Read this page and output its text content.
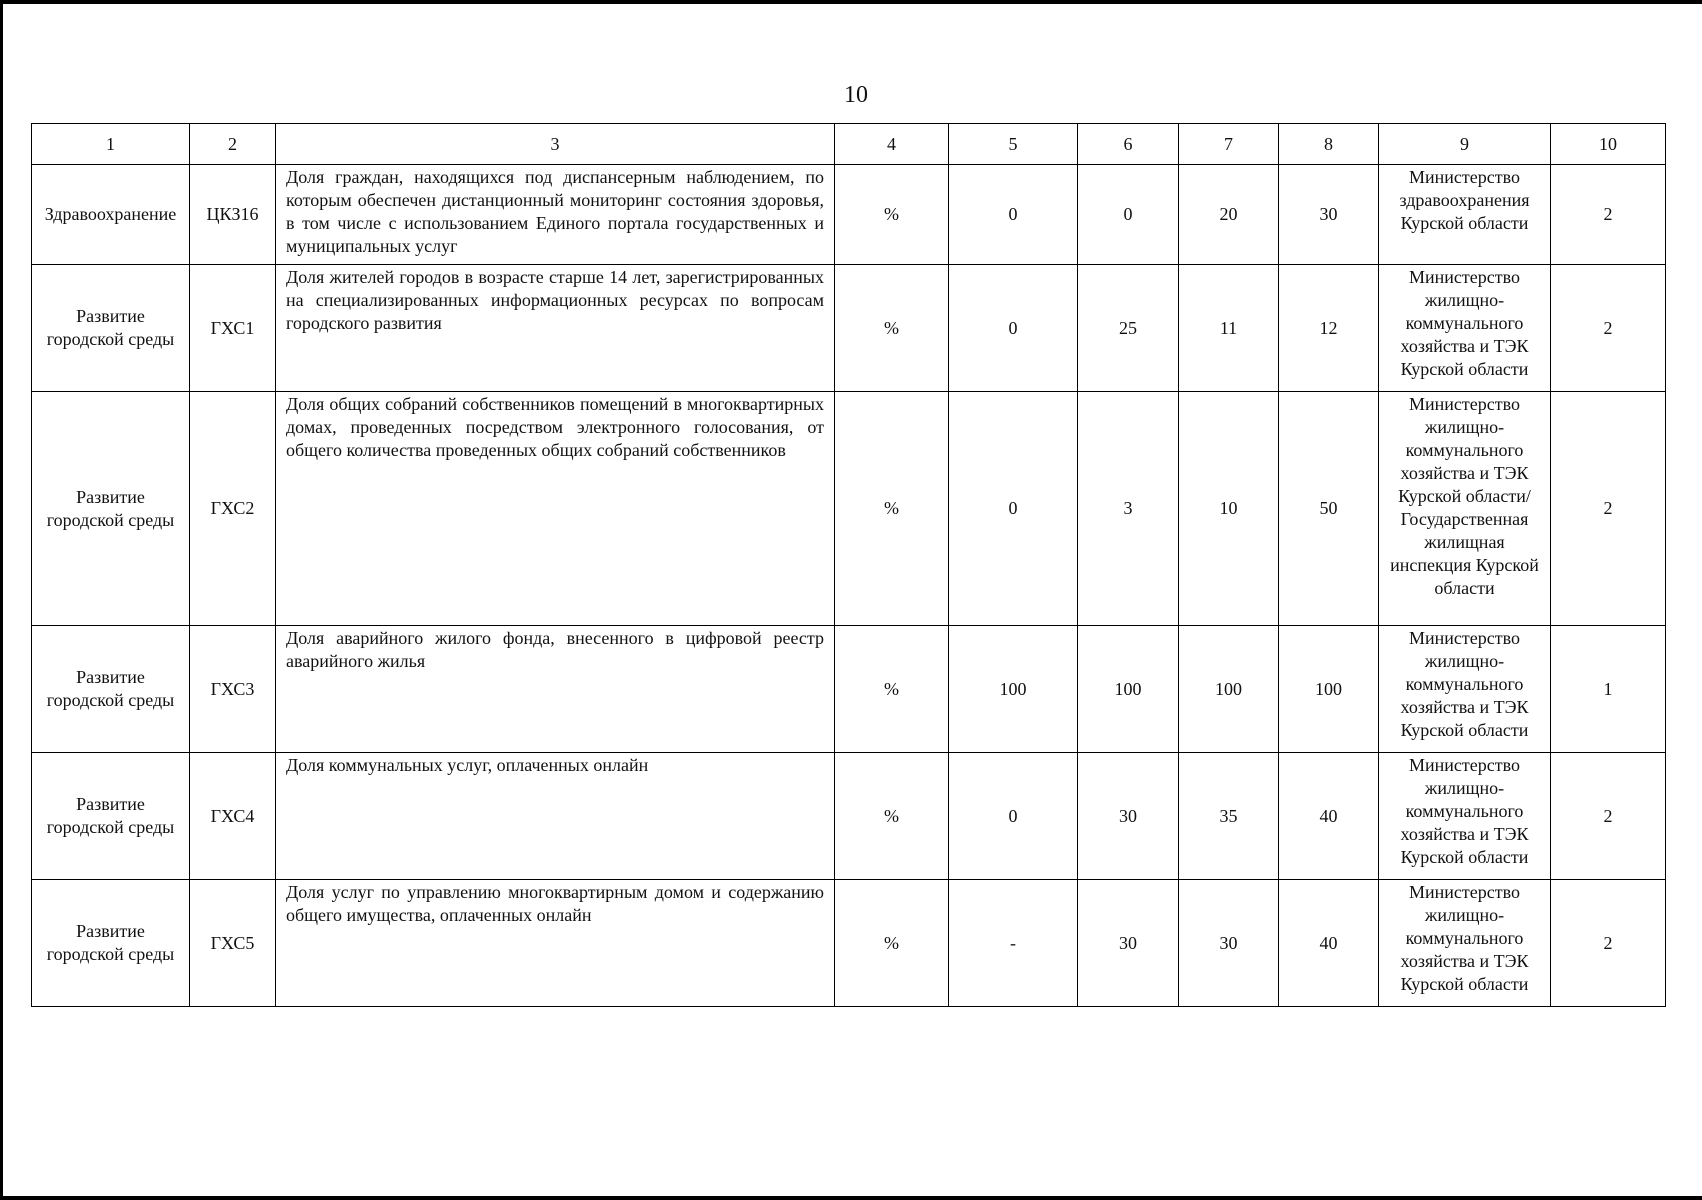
10
1	2	3	4	5	6	7	8	9	10
Здравоохранение	ЦКЗ16	Доля граждан, находящихся под диспансерным наблюдением, по которым обеспечен дистанционный мониторинг состояния здоровья, в том числе с использованием Единого портала государственных и муниципальных услуг	%	0	0	20	30	Министерство здравоохранения Курской области	2
Развитие городской среды	ГХС1	Доля жителей городов в возрасте старше 14 лет, зарегистрированных на специализированных информационных ресурсах по вопросам городского развития	%	0	25	11	12	Министерство жилищно-коммунального хозяйства и ТЭК Курской области	2
Развитие городской среды	ГХС2	Доля общих собраний собственников помещений в многоквартирных домах, проведенных посредством электронного голосования, от общего количества проведенных общих собраний собственников	%	0	3	10	50	Министерство жилищно-коммунального хозяйства и ТЭК Курской области/Государственная жилищная инспекция Курской области	2
Развитие городской среды	ГХС3	Доля аварийного жилого фонда, внесенного в цифровой реестр аварийного жилья	%	100	100	100	100	Министерство жилищно-коммунального хозяйства и ТЭК Курской области	1
Развитие городской среды	ГХС4	Доля коммунальных услуг, оплаченных онлайн	%	0	30	35	40	Министерство жилищно-коммунального хозяйства и ТЭК Курской области	2
Развитие городской среды	ГХС5	Доля услуг по управлению многоквартирным домом и содержанию общего имущества, оплаченных онлайн	%	-	30	30	40	Министерство жилищно-коммунального хозяйства и ТЭК Курской области	2
